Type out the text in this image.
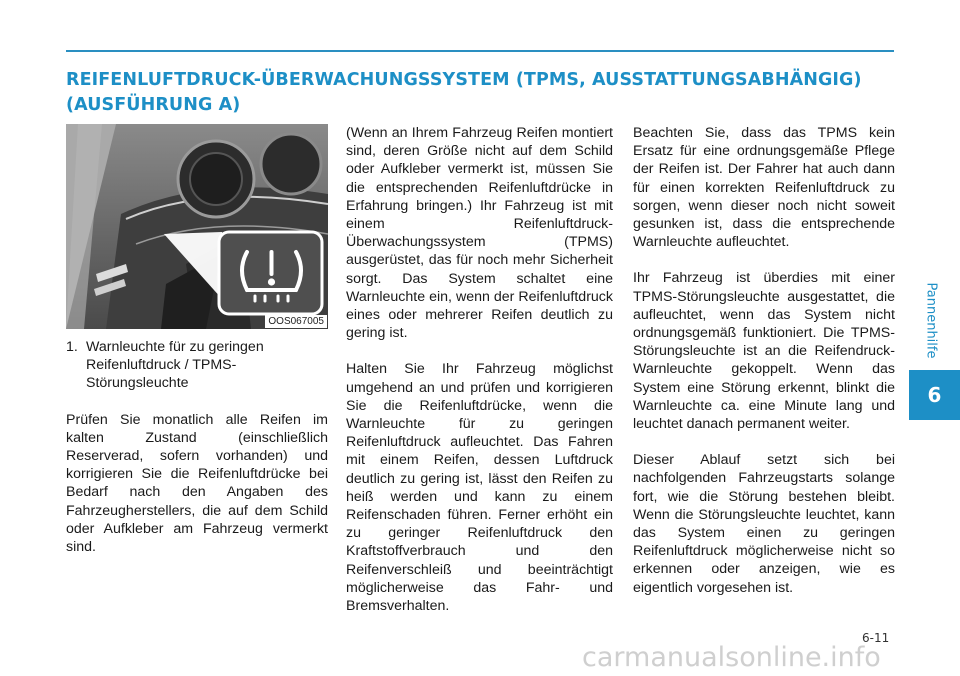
REIFENLUFTDRUCK-ÜBERWACHUNGSSYSTEM (TPMS, AUSSTATTUNGSABHÄNGIG) (AUSFÜHRUNG A)
Pannenhilfe
6
OOS067005
1. Warnleuchte für zu geringen Reifenluftdruck / TPMS-Störungsleuchte

Prüfen Sie monatlich alle Reifen im kalten Zustand (einschließlich Reserverad, sofern vorhanden) und korrigieren Sie die Reifenluftdrücke bei Bedarf nach den Angaben des Fahrzeugherstellers, die auf dem Schild oder Aufkleber am Fahrzeug vermerkt sind.

(Wenn an Ihrem Fahrzeug Reifen montiert sind, deren Größe nicht auf dem Schild oder Aufkleber vermerkt ist, müssen Sie die entsprechenden Reifenluftdrücke in Erfahrung bringen.) Ihr Fahrzeug ist mit einem Reifenluftdruck-Überwachungssystem (TPMS) ausgerüstet, das für noch mehr Sicherheit sorgt. Das System schaltet eine Warnleuchte ein, wenn der Reifenluftdruck eines oder mehrerer Reifen deutlich zu gering ist.

Halten Sie Ihr Fahrzeug möglichst umgehend an und prüfen und korrigieren Sie die Reifenluftdrücke, wenn die Warnleuchte für zu geringen Reifenluftdruck aufleuchtet. Das Fahren mit einem Reifen, dessen Luftdruck deutlich zu gering ist, lässt den Reifen zu heiß werden und kann zu einem Reifenschaden führen. Ferner erhöht ein zu geringer Reifenluftdruck den Kraftstoffverbrauch und den Reifenverschleiß und beeinträchtigt möglicherweise das Fahr- und Bremsverhalten.

Beachten Sie, dass das TPMS kein Ersatz für eine ordnungsgemäße Pflege der Reifen ist. Der Fahrer hat auch dann für einen korrekten Reifenluftdruck zu sorgen, wenn dieser noch nicht soweit gesunken ist, dass die entsprechende Warnleuchte aufleuchtet.

Ihr Fahrzeug ist überdies mit einer TPMS-Störungsleuchte ausgestattet, die aufleuchtet, wenn das System nicht ordnungsgemäß funktioniert. Die TPMS-Störungsleuchte ist an die Reifendruck-Warnleuchte gekoppelt. Wenn das System eine Störung erkennt, blinkt die Warnleuchte ca. eine Minute lang und leuchtet danach permanent weiter.

Dieser Ablauf setzt sich bei nachfolgenden Fahrzeugstarts solange fort, wie die Störung bestehen bleibt. Wenn die Störungsleuchte leuchtet, kann das System einen zu geringen Reifenluftdruck möglicherweise nicht so erkennen oder anzeigen, wie es eigentlich vorgesehen ist.

6-11
carmanualsonline.info
